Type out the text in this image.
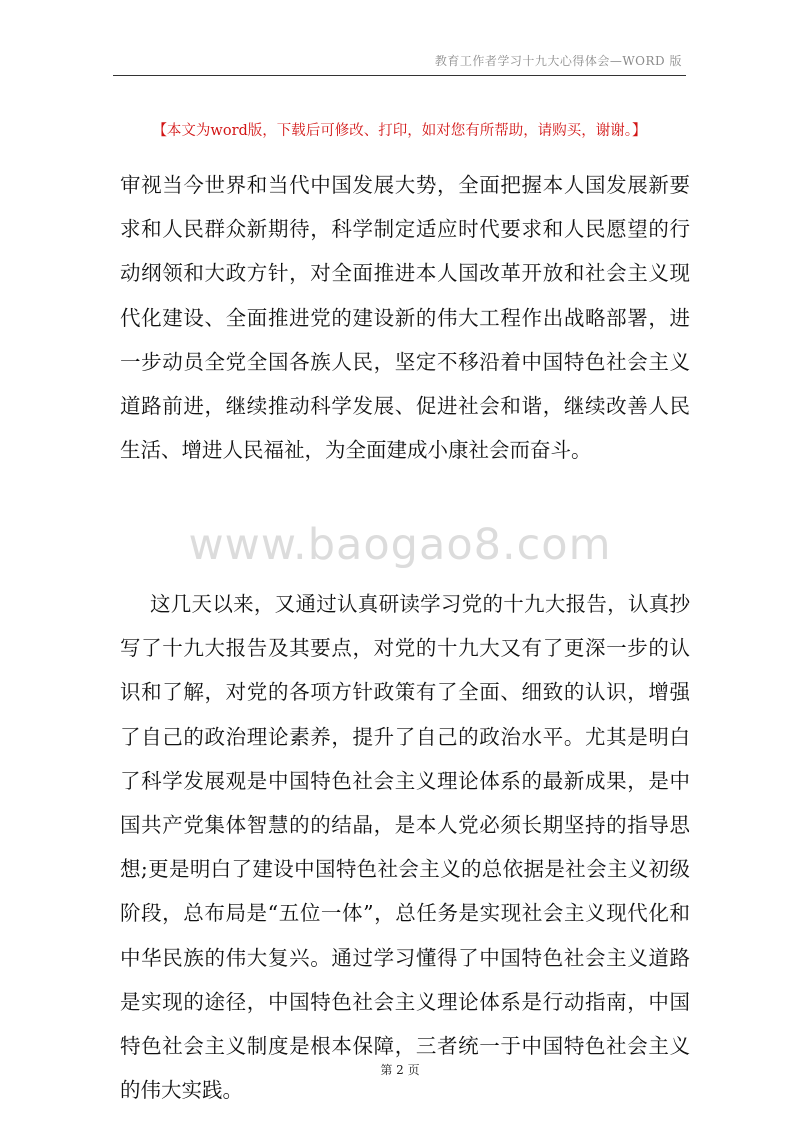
教育工作者学习十九大心得体会—WORD 版
【本文为word版，下载后可修改、打印，如对您有所帮助，请购买，谢谢。】

审视当今世界和当代中国发展大势，全面把握本人国发展新要求和人民群众新期待，科学制定适应时代要求和人民愿望的行动纲领和大政方针，对全面推进本人国改革开放和社会主义现代化建设、全面推进党的建设新的伟大工程作出战略部署，进一步动员全党全国各族人民，坚定不移沿着中国特色社会主义道路前进，继续推动科学发展、促进社会和谐，继续改善人民生活、增进人民福祉，为全面建成小康社会而奋斗。

www.baogao8.com

这几天以来，又通过认真研读学习党的十九大报告，认真抄写了十九大报告及其要点，对党的十九大又有了更深一步的认识和了解，对党的各项方针政策有了全面、细致的认识，增强了自己的政治理论素养，提升了自己的政治水平。尤其是明白了科学发展观是中国特色社会主义理论体系的最新成果，是中国共产党集体智慧的的结晶，是本人党必须长期坚持的指导思想;更是明白了建设中国特色社会主义的总依据是社会主义初级阶段，总布局是“五位一体”，总任务是实现社会主义现代化和中华民族的伟大复兴。通过学习懂得了中国特色社会主义道路是实现的途径，中国特色社会主义理论体系是行动指南，中国特色社会主义制度是根本保障，三者统一于中国特色社会主义的伟大实践。

第 2 页
